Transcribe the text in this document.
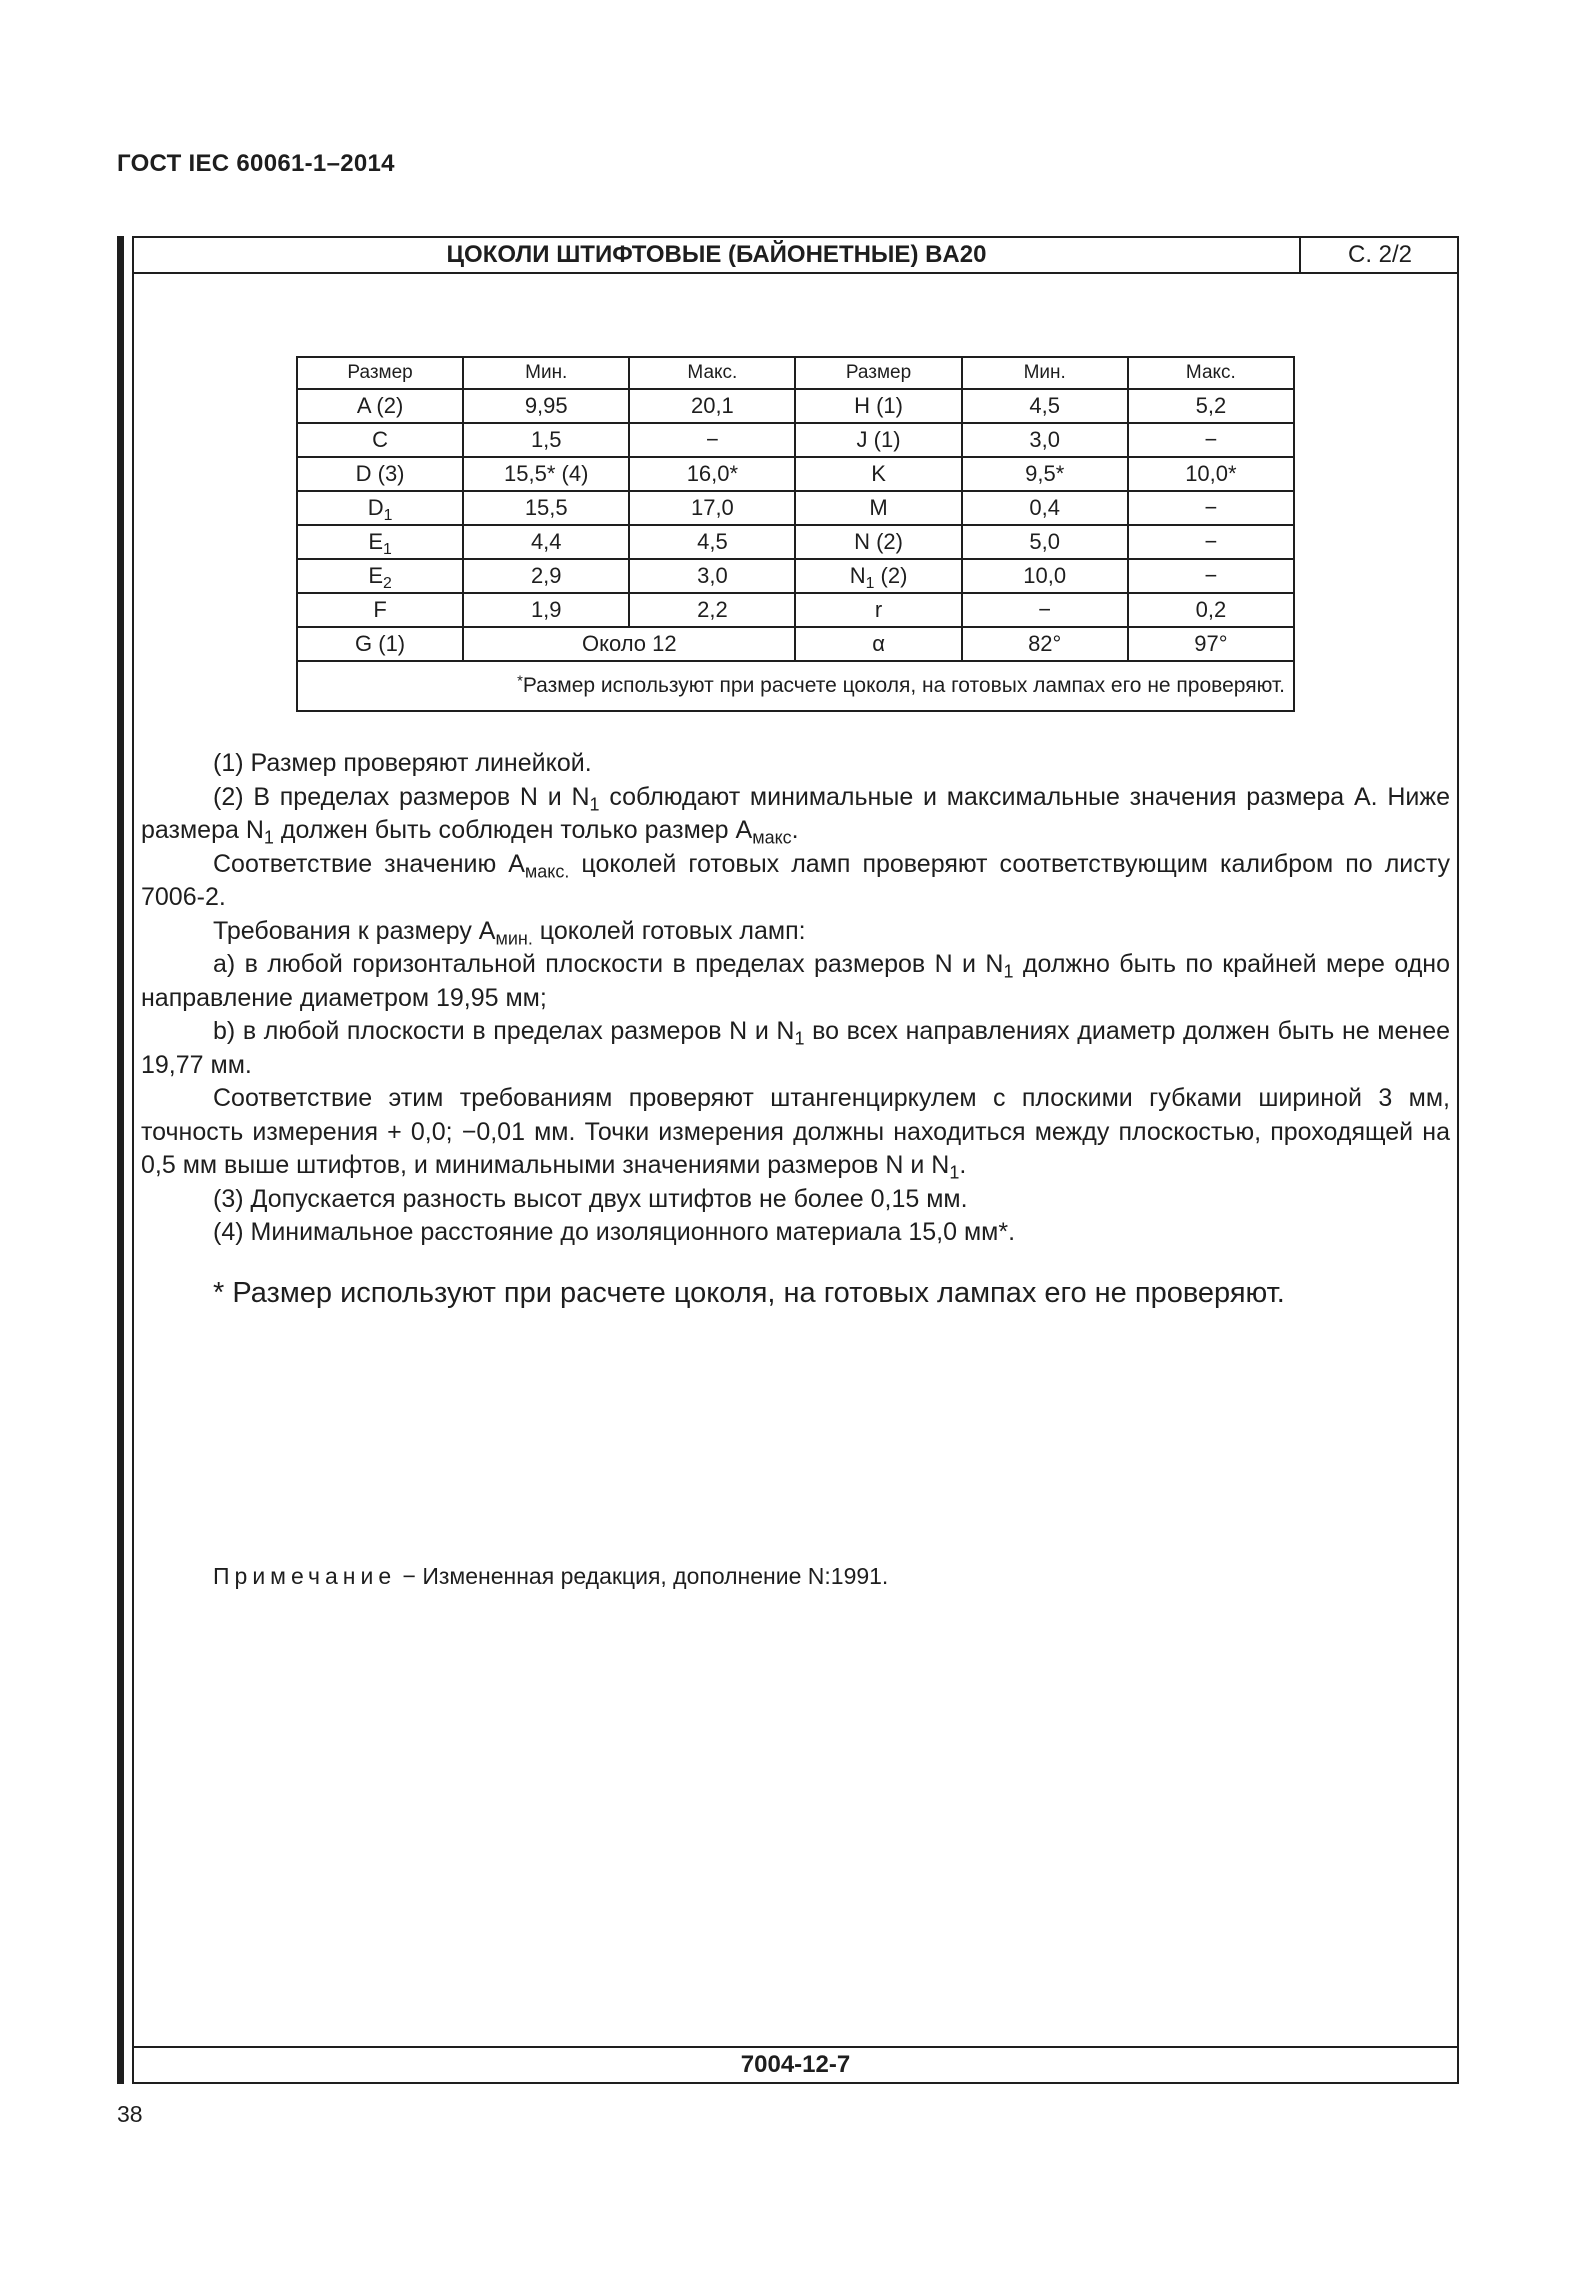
ГОСТ IEC 60061-1–2014
ЦОКОЛИ ШТИФТОВЫЕ (БАЙОНЕТНЫЕ) BA20	С. 2/2
7004-12-7
Размер	Мин.	Макс.	Размер	Мин.	Макс.
A (2)	9,95	20,1	H (1)	4,5	5,2
C	1,5	−	J (1)	3,0	−
D (3)	15,5* (4)	16,0*	K	9,5*	10,0*
$D_1$	15,5	17,0	M	0,4	−
$E_1$	4,4	4,5	N (2)	5,0	−
$E_2$	2,9	3,0	$N_1$ (2)	10,0	−
F	1,9	2,2	r	−	0,2
G (1)	Около 12		α	82°	97°
*Размер используют при расчете цоколя, на готовых лампах его не проверяют.					

(1) Размер проверяют линейкой.

(2) В пределах размеров N и $N_1$ соблюдают минимальные и максимальные значения размера A. Ниже размера $N_1$ должен быть соблюден только размер $A_{макс}$.

Соответствие значению $A_{макс.}$ цоколей готовых ламп проверяют соответствующим калибром по листу 7006-2.

Требования к размеру $A_{мин.}$ цоколей готовых ламп:

a) в любой горизонтальной плоскости в пределах размеров N и $N_1$ должно быть по крайней мере одно направление диаметром 19,95 мм;

b) в любой плоскости в пределах размеров N и $N_1$ во всех направлениях диаметр должен быть не менее 19,77 мм.

Соответствие этим требованиям проверяют штангенциркулем с плоскими губками шириной 3 мм, точность измерения + 0,0; −0,01 мм. Точки измерения должны находиться между плоскостью, проходящей на 0,5 мм выше штифтов, и минимальными значениями размеров N и $N_1$.

(3) Допускается разность высот двух штифтов не более 0,15 мм.

(4) Минимальное расстояние до изоляционного материала 15,0 мм*.

* Размер используют при расчете цоколя, на готовых лампах его не проверяют.
Примечание − Измененная редакция, дополнение N:1991.
38
